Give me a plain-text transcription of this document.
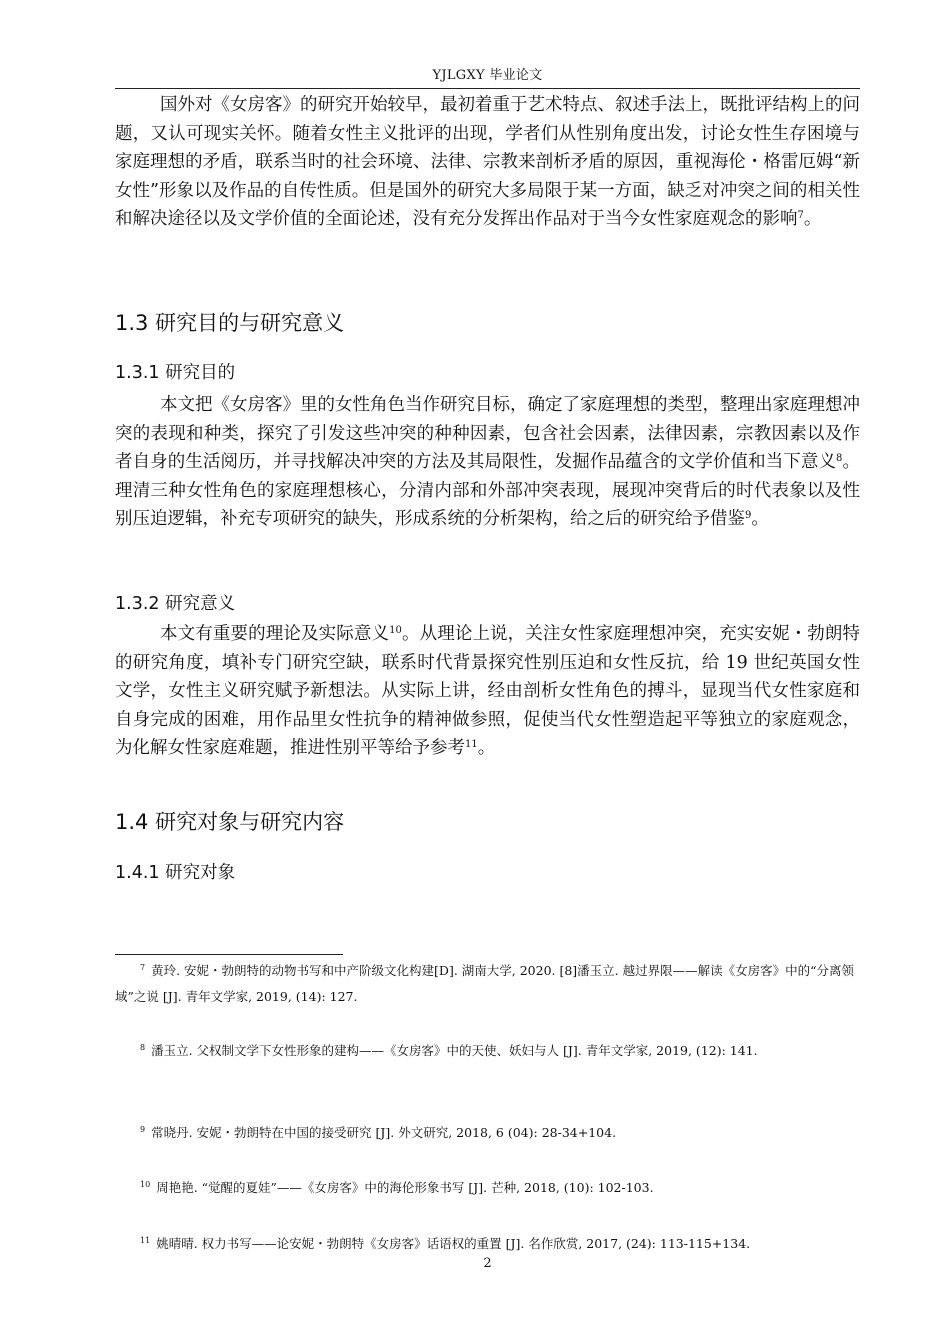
YJLGXY 毕业论文

国外对《女房客》的研究开始较早，最初着重于艺术特点、叙述手法上，既批评结构上的问题，又认可现实关怀。随着女性主义批评的出现，学者们从性别角度出发，讨论女性生存困境与家庭理想的矛盾，联系当时的社会环境、法律、宗教来剖析矛盾的原因，重视海伦・格雷厄姆“新女性”形象以及作品的自传性质。但是国外的研究大多局限于某一方面，缺乏对冲突之间的相关性和解决途径以及文学价值的全面论述，没有充分发挥出作品对于当今女性家庭观念的影响$^7$。

1.3 研究目的与研究意义
1.3.1 研究目的

本文把《女房客》里的女性角色当作研究目标，确定了家庭理想的类型，整理出家庭理想冲突的表现和种类，探究了引发这些冲突的种种因素，包含社会因素，法律因素，宗教因素以及作者自身的生活阅历，并寻找解决冲突的方法及其局限性，发掘作品蕴含的文学价值和当下意义$^8$。理清三种女性角色的家庭理想核心，分清内部和外部冲突表现，展现冲突背后的时代表象以及性别压迫逻辑，补充专项研究的缺失，形成系统的分析架构，给之后的研究给予借鉴$^9$。

1.3.2 研究意义

本文有重要的理论及实际意义$^{10}$。从理论上说，关注女性家庭理想冲突，充实安妮・勃朗特的研究角度，填补专门研究空缺，联系时代背景探究性别压迫和女性反抗，给 19 世纪英国女性文学，女性主义研究赋予新想法。从实际上讲，经由剖析女性角色的搏斗，显现当代女性家庭和自身完成的困难，用作品里女性抗争的精神做参照，促使当代女性塑造起平等独立的家庭观念，为化解女性家庭难题，推进性别平等给予参考$^{11}$。

1.4 研究对象与研究内容
1.4.1 研究对象

$^7$ 黄玲. 安妮・勃朗特的动物书写和中产阶级文化构建[D]. 湖南大学, 2020. [8]潘玉立. 越过界限——解读《女房客》中的“分离领域”之说 [J]. 青年文学家, 2019, (14): 127.

$^8$ 潘玉立. 父权制文学下女性形象的建构——《女房客》中的天使、妖妇与人 [J]. 青年文学家, 2019, (12): 141.

$^9$ 常晓丹. 安妮・勃朗特在中国的接受研究 [J]. 外文研究, 2018, 6 (04): 28-34+104.

$^{10}$ 周艳艳. “觉醒的夏娃”——《女房客》中的海伦形象书写 [J]. 芒种, 2018, (10): 102-103.

$^{11}$ 姚晴晴. 权力书写——论安妮・勃朗特《女房客》话语权的重置 [J]. 名作欣赏, 2017, (24): 113-115+134.

2
